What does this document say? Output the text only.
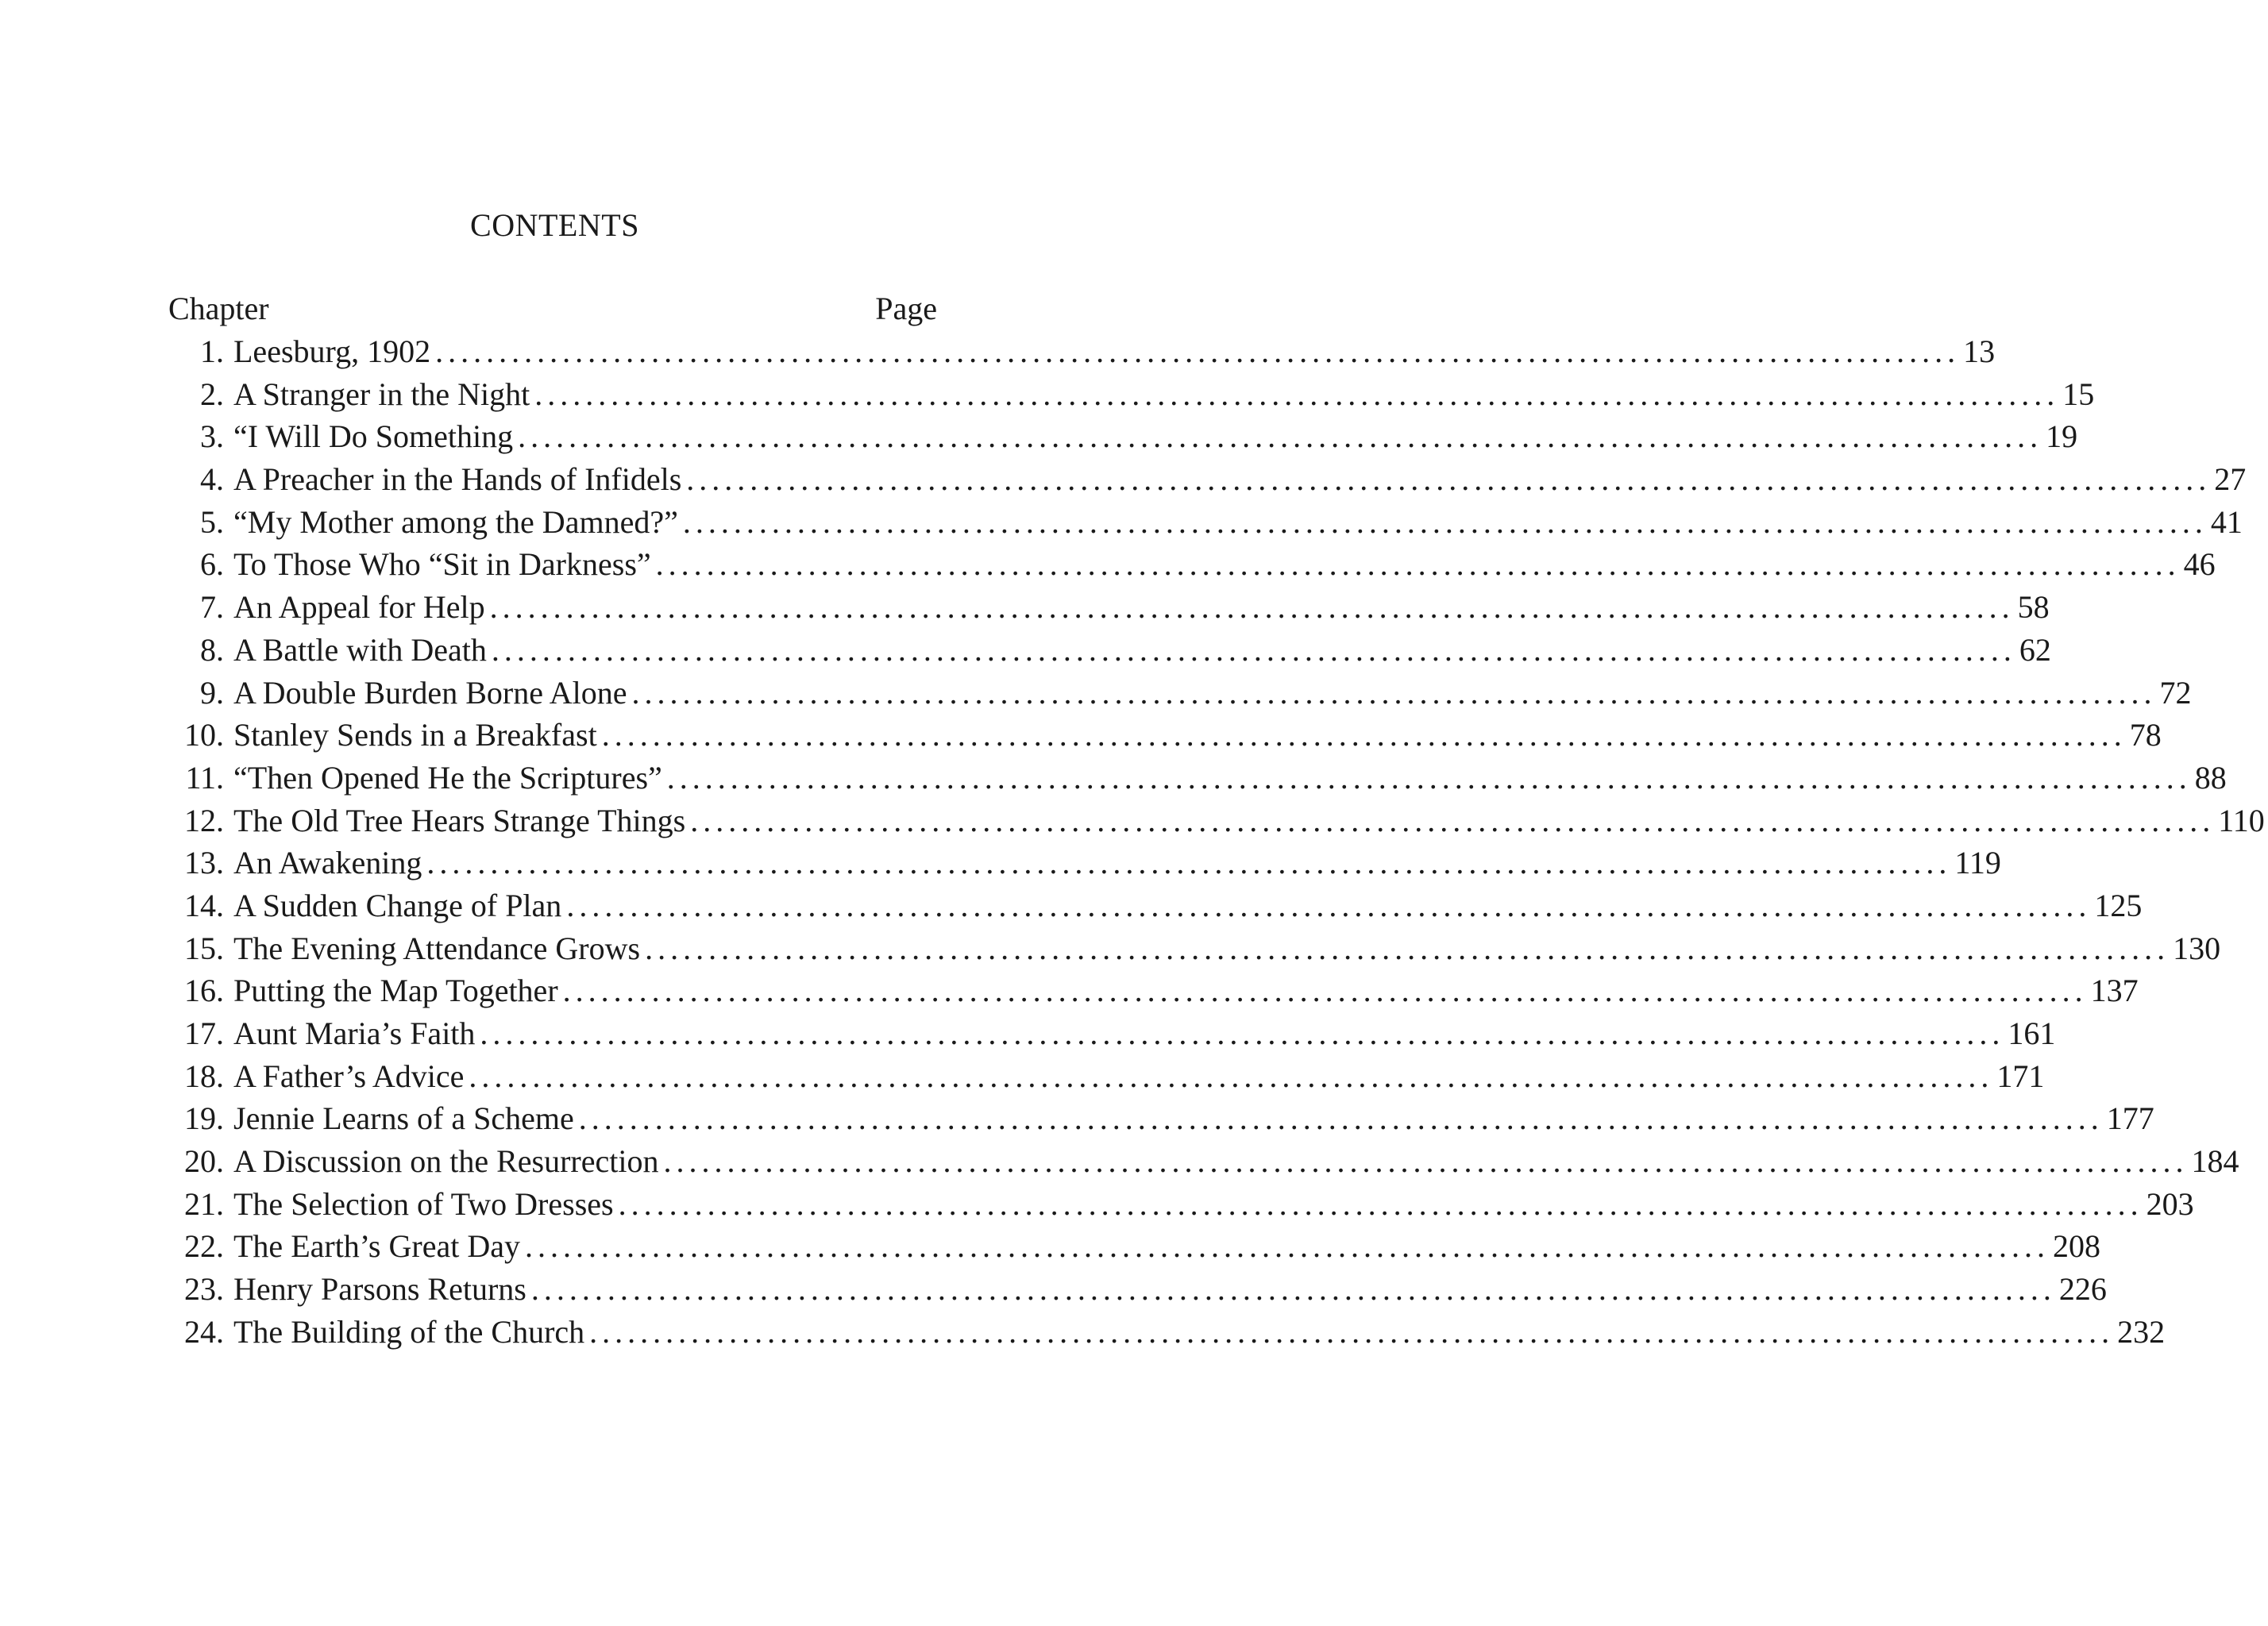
CONTENTS
Chapter	Page
1. Leesburg, 1902 ........................................................................................................................ 13
2. A Stranger in the Night ........................................................................................................................ 15
3. “I Will Do Something ........................................................................................................................ 19
4. A Preacher in the Hands of Infidels ........................................................................................................................ 27
5. “My Mother among the Damned?” ........................................................................................................................ 41
6. To Those Who “Sit in Darkness” ........................................................................................................................ 46
7. An Appeal for Help ........................................................................................................................ 58
8. A Battle with Death ........................................................................................................................ 62
9. A Double Burden Borne Alone ........................................................................................................................ 72
10. Stanley Sends in a Breakfast ........................................................................................................................ 78
11. “Then Opened He the Scriptures” ........................................................................................................................ 88
12. The Old Tree Hears Strange Things ........................................................................................................................ 110
13. An Awakening ........................................................................................................................ 119
14. A Sudden Change of Plan ........................................................................................................................ 125
15. The Evening Attendance Grows ........................................................................................................................ 130
16. Putting the Map Together ........................................................................................................................ 137
17. Aunt Maria’s Faith ........................................................................................................................ 161
18. A Father’s Advice ........................................................................................................................ 171
19. Jennie Learns of a Scheme ........................................................................................................................ 177
20. A Discussion on the Resurrection ........................................................................................................................ 184
21. The Selection of Two Dresses ........................................................................................................................ 203
22. The Earth’s Great Day ........................................................................................................................ 208
23. Henry Parsons Returns ........................................................................................................................ 226
24. The Building of the Church ........................................................................................................................ 232
